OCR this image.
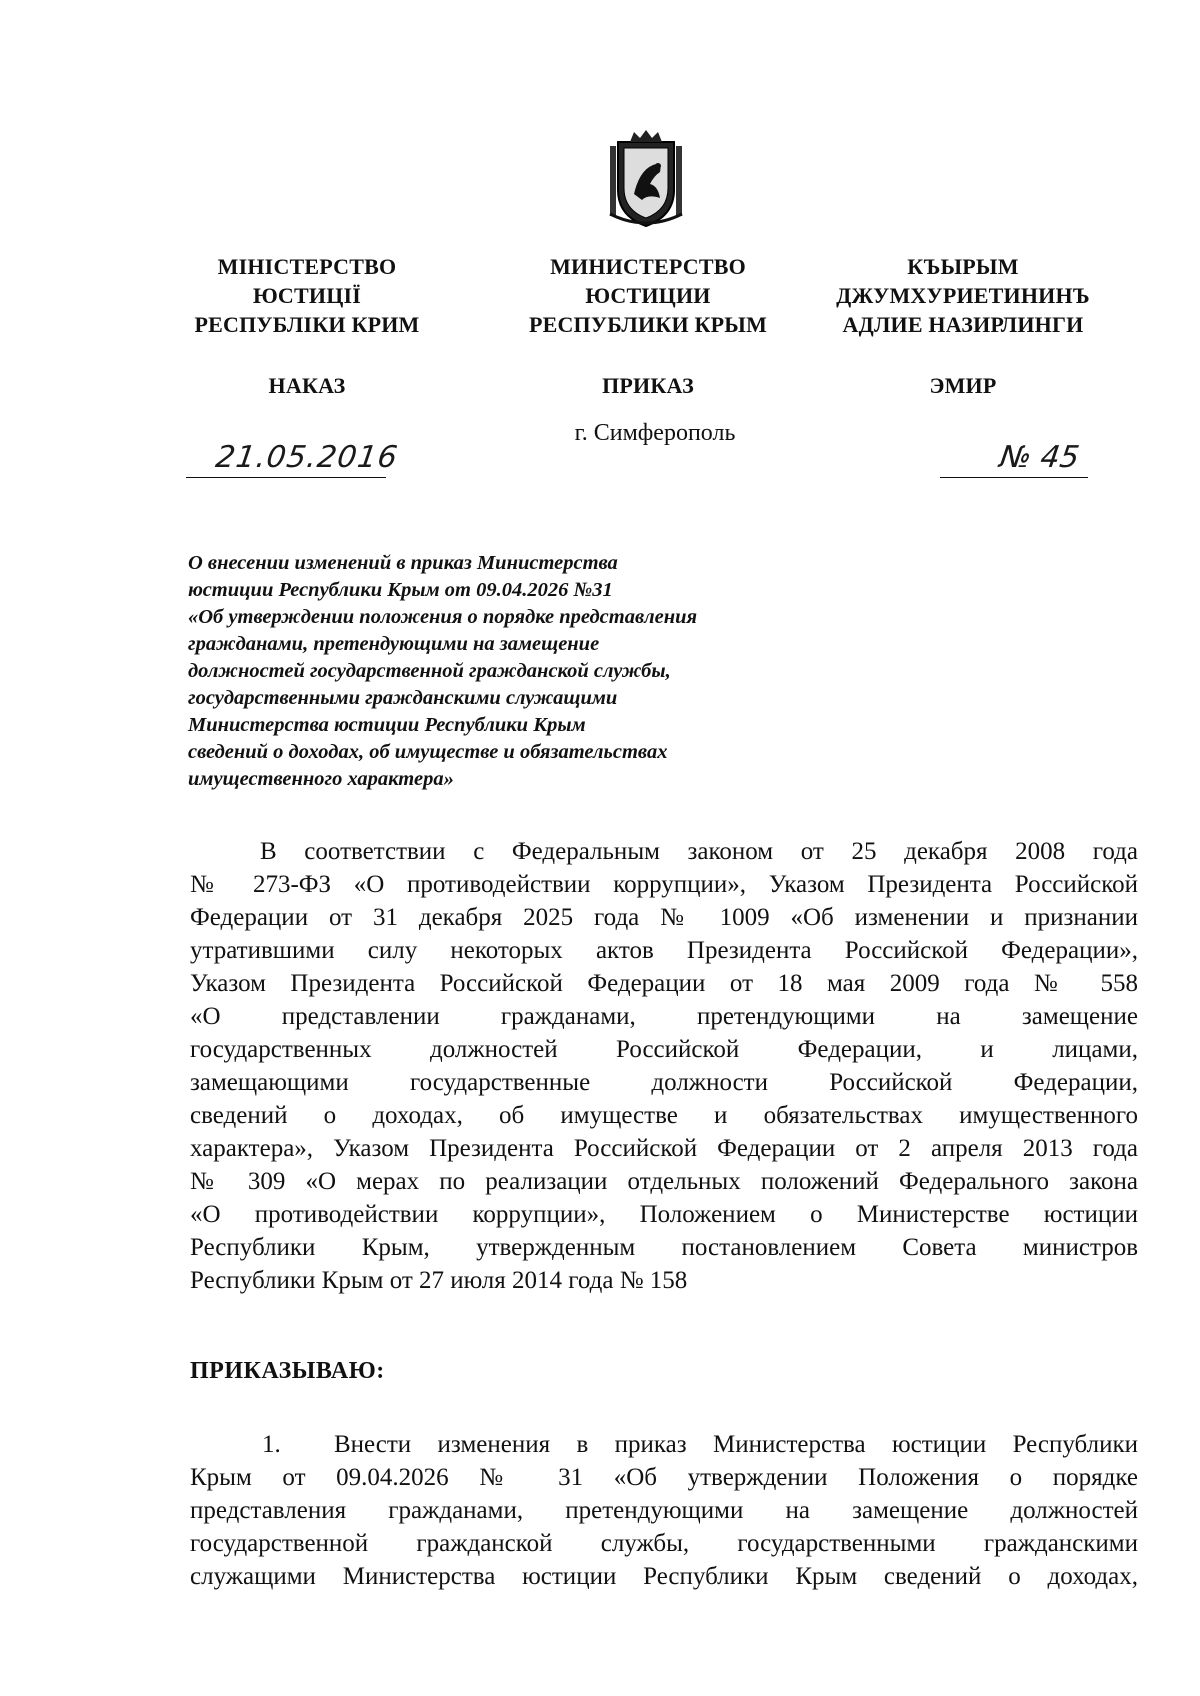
МІНІСТЕРСТВО
ЮСТИЦІЇ
РЕСПУБЛІКИ КРИМ
НАКАЗ
МИНИСТЕРСТВО
ЮСТИЦИИ
РЕСПУБЛИКИ КРЫМ
ПРИКАЗ
КЪЫРЫМ
ДЖУМХУРИЕТИНИНЪ
АДЛИЕ НАЗИРЛИНГИ
ЭМИР
г. Симферополь
21.05.2016	№ 45
О внесении изменений в приказ Министерства
юстиции Республики Крым от 09.04.2026 №31
«Об утверждении положения о порядке представления
гражданами, претендующими на замещение
должностей государственной гражданской службы,
государственными гражданскими служащими
Министерства юстиции Республики Крым
сведений о доходах, об имуществе и обязательствах
имущественного характера»
В соответствии с Федеральным законом от 25 декабря 2008 года
№ 273-ФЗ «О противодействии коррупции», Указом Президента Российской
Федерации от 31 декабря 2025 года № 1009 «Об изменении и признании
утратившими силу некоторых актов Президента Российской Федерации»,
Указом Президента Российской Федерации от 18 мая 2009 года № 558
«О представлении гражданами, претендующими на замещение
государственных должностей Российской Федерации, и лицами,
замещающими государственные должности Российской Федерации,
сведений о доходах, об имуществе и обязательствах имущественного
характера», Указом Президента Российской Федерации от 2 апреля 2013 года
№ 309 «О мерах по реализации отдельных положений Федерального закона
«О противодействии коррупции», Положением о Министерстве юстиции
Республики Крым, утвержденным постановлением Совета министров
Республики Крым от 27 июля 2014 года № 158
ПРИКАЗЫВАЮ:
1. Внести изменения в приказ Министерства юстиции Республики
Крым от 09.04.2026 № 31 «Об утверждении Положения о порядке
представления гражданами, претендующими на замещение должностей
государственной гражданской службы, государственными гражданскими
служащими Министерства юстиции Республики Крым сведений о доходах,
